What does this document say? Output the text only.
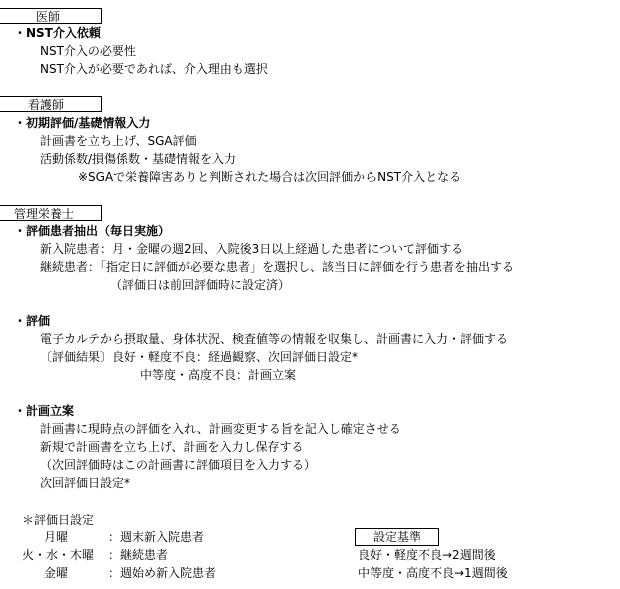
医師
・NST介入依頼
NST介入の必要性
NST介入が必要であれば、介入理由も選択
看護師
・初期評価/基礎情報入力
計画書を立ち上げ、SGA評価
活動係数/損傷係数・基礎情報を入力
※SGAで栄養障害ありと判断された場合は次回評価からNST介入となる
管理栄養士
・評価患者抽出（毎日実施）
新入院患者：月・金曜の週2回、入院後3日以上経過した患者について評価する
継続患者：「指定日に評価が必要な患者」を選択し、該当日に評価を行う患者を抽出する
（評価日は前回評価時に設定済）
・評価
電子カルテから摂取量、身体状況、検査値等の情報を収集し、計画書に入力・評価する
〔評価結果〕良好・軽度不良：経過観察、次回評価日設定*
中等度・高度不良：計画立案
・計画立案
計画書に現時点の評価を入れ、計画変更する旨を記入し確定させる
新規で計画書を立ち上げ、計画を入力し保存する
（次回評価時はこの計画書に評価項目を入力する）
次回評価日設定*
＊評価日設定
月曜	：週末新入院患者
火・水・木曜 ：継続患者
金曜	：週始め新入院患者
設定基準
良好・軽度不良→2週間後
中等度・高度不良→1週間後
